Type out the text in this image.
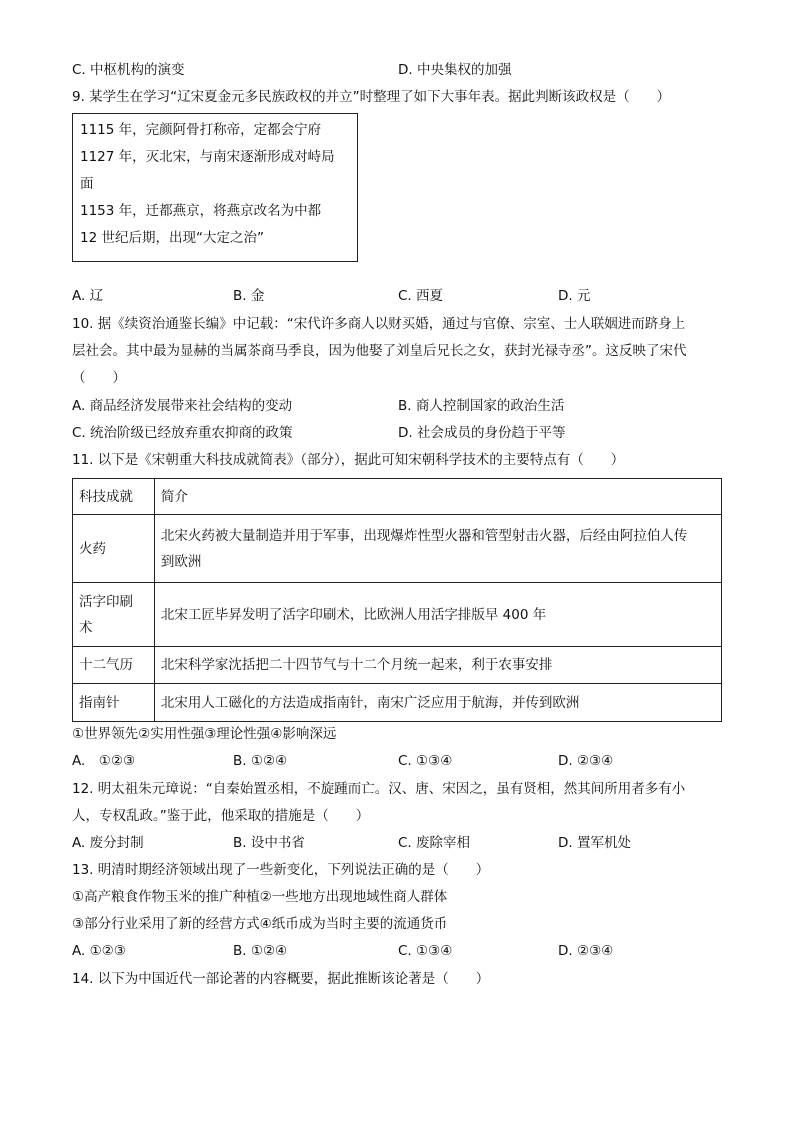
C. 中枢机构的演变	D. 中央集权的加强
9. 某学生在学习“辽宋夏金元多民族政权的并立”时整理了如下大事年表。据此判断该政权是（　　）
1115 年，完颜阿骨打称帝，定都会宁府
1127 年，灭北宋，与南宋逐渐形成对峙局
面
1153 年，迁都燕京，将燕京改名为中都
12 世纪后期，出现“大定之治”
A. 辽	B. 金	C. 西夏	D. 元
10. 据《续资治通鉴长编》中记载：“宋代许多商人以财买婚，通过与官僚、宗室、士人联姻进而跻身上
层社会。其中最为显赫的当属茶商马季良，因为他娶了刘皇后兄长之女，获封光禄寺丞”。这反映了宋代
（　　）
A. 商品经济发展带来社会结构的变动	B. 商人控制国家的政治生活
C. 统治阶级已经放弃重农抑商的政策	D. 社会成员的身份趋于平等
11. 以下是《宋朝重大科技成就简表》（部分），据此可知宋朝科学技术的主要特点有（　　）
科技成就	简介
火药	北宋火药被大量制造并用于军事，出现爆炸性型火器和管型射击火器，后经由阿拉伯人传
到欧洲

活字印刷
术	北宋工匠毕昇发明了活字印刷术，比欧洲人用活字排版早 400 年

十二气历	北宋科学家沈括把二十四节气与十二个月统一起来，利于农事安排
指南针	北宋用人工磁化的方法造成指南针，南宋广泛应用于航海，并传到欧洲
①世界领先②实用性强③理论性强④影响深远
A.　①②③	B. ①②④	C. ①③④	D. ②③④
12. 明太祖朱元璋说：“自秦始置丞相，不旋踵而亡。汉、唐、宋因之，虽有贤相，然其间所用者多有小
人，专权乱政。”鉴于此，他采取的措施是（　　）
A. 废分封制	B. 设中书省	C. 废除宰相	D. 置军机处
13. 明清时期经济领域出现了一些新变化，下列说法正确的是（　　）
①高产粮食作物玉米的推广种植②一些地方出现地域性商人群体
③部分行业采用了新的经营方式④纸币成为当时主要的流通货币
A. ①②③	B. ①②④	C. ①③④	D. ②③④
14. 以下为中国近代一部论著的内容概要，据此推断该论著是（　　）
